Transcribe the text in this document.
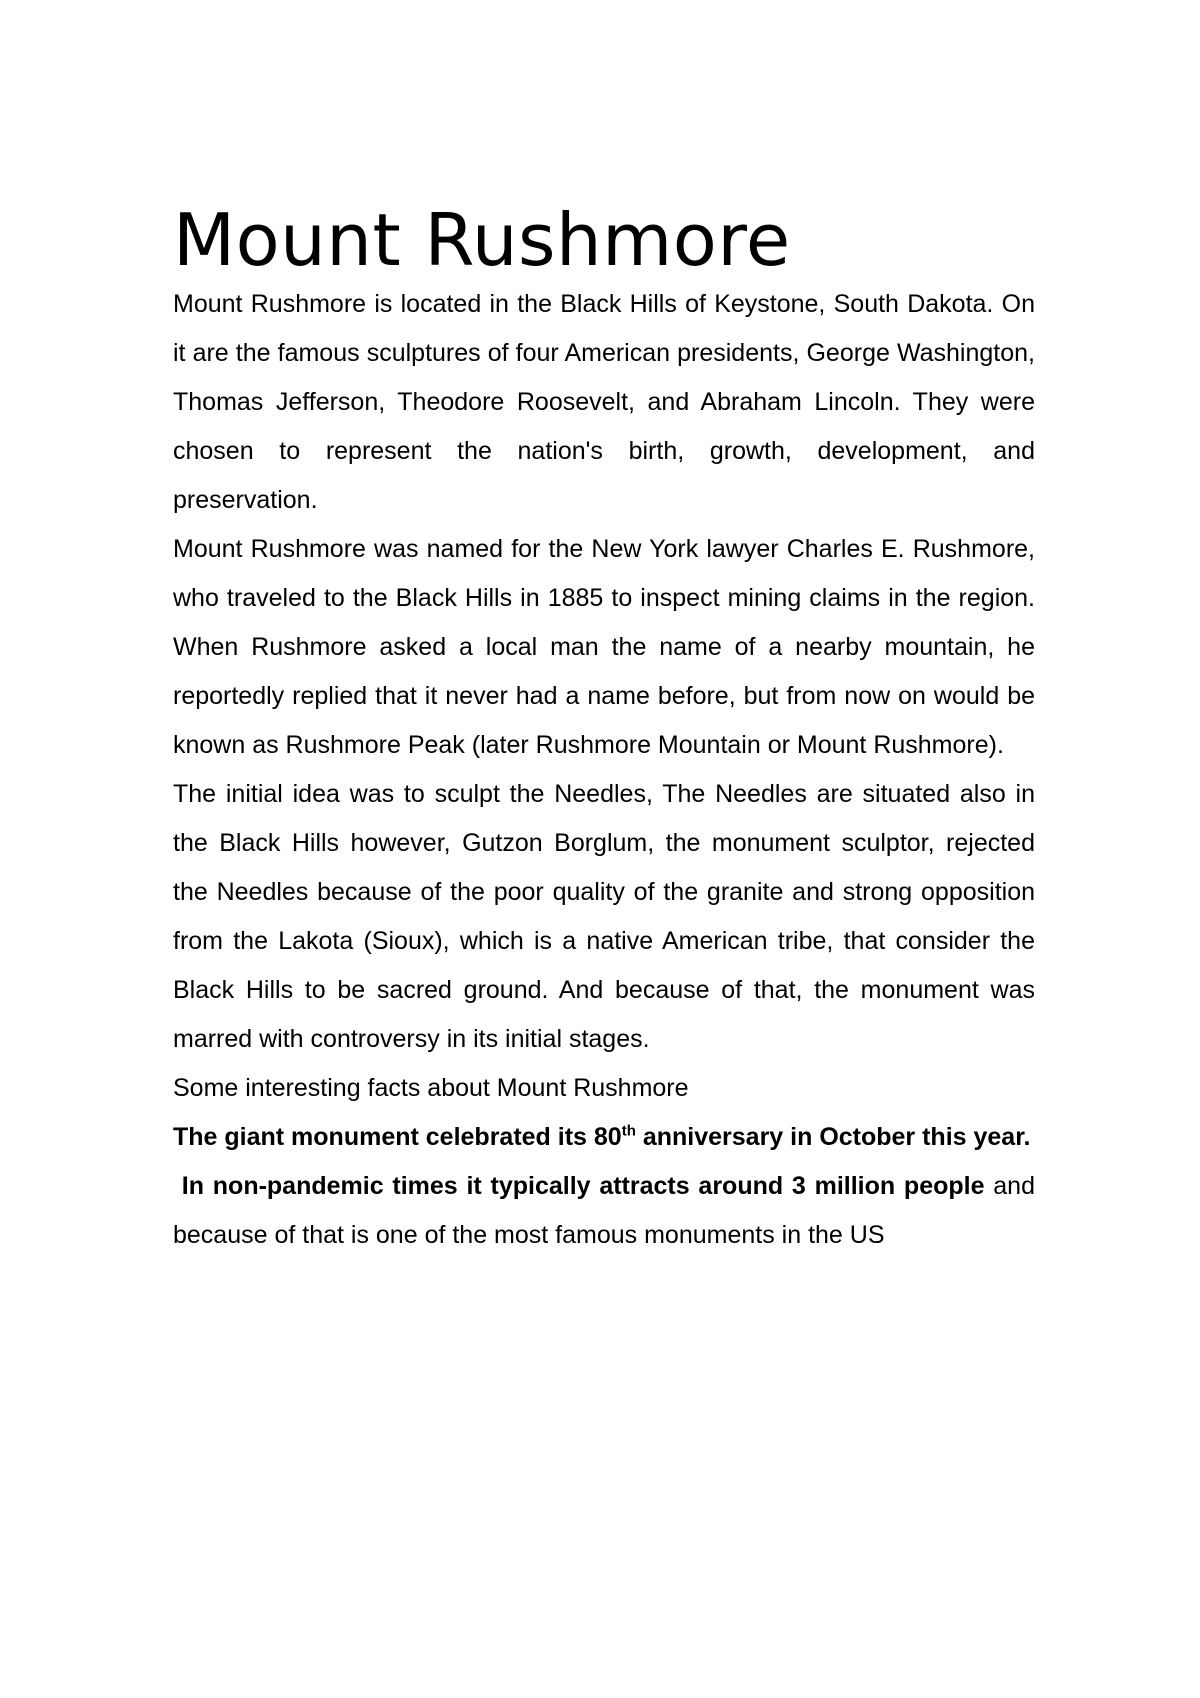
Mount Rushmore

Mount Rushmore is located in the Black Hills of Keystone, South Dakota. On it are the famous sculptures of four American presidents, George Washington, Thomas Jefferson, Theodore Roosevelt, and Abraham Lincoln. They were chosen to represent the nation's birth, growth, development, and preservation.

Mount Rushmore was named for the New York lawyer Charles E. Rushmore, who traveled to the Black Hills in 1885 to inspect mining claims in the region. When Rushmore asked a local man the name of a nearby mountain, he reportedly replied that it never had a name before, but from now on would be known as Rushmore Peak (later Rushmore Mountain or Mount Rushmore).

The initial idea was to sculpt the Needles, The Needles are situated also in the Black Hills however, Gutzon Borglum, the monument sculptor, rejected the Needles because of the poor quality of the granite and strong opposition from the Lakota (Sioux), which is a native American tribe, that consider the Black Hills to be sacred ground. And because of that, the monument was marred with controversy in its initial stages.

Some interesting facts about Mount Rushmore

The giant monument celebrated its 80th anniversary in October this year.

In non-pandemic times it typically attracts around 3 million people and because of that is one of the most famous monuments in the US
